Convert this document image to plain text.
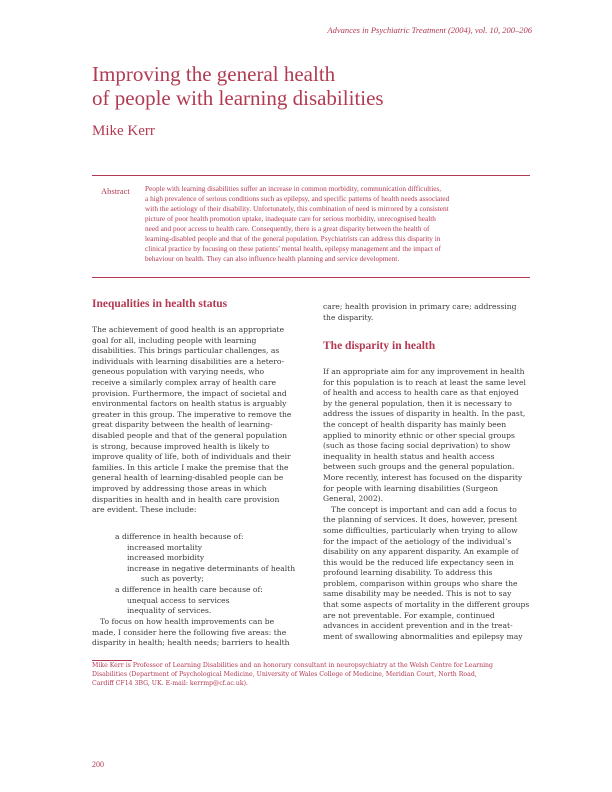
Advances in Psychiatric Treatment (2004), vol. 10, 200–206
Improving the general health
of people with learning disabilities
Mike Kerr
Abstract People with learning disabilities suffer an increase in common morbidity, communication difficulties,
a high prevalence of serious conditions such as epilepsy, and specific patterns of health needs associated
with the aetiology of their disability. Unfortunately, this combination of need is mirrored by a consistent
picture of poor health promotion uptake, inadequate care for serious morbidity, unrecognised health
need and poor access to health care. Consequently, there is a great disparity between the health of
learning-disabled people and that of the general population. Psychiatrists can address this disparity in
clinical practice by focusing on these patients’ mental health, epilepsy management and the impact of
behaviour on health. They can also influence health planning and service development.
Inequalities in health status
The achievement of good health is an appropriate
goal for all, including people with learning
disabilities. This brings particular challenges, as
individuals with learning disabilities are a hetero-
geneous population with varying needs, who
receive a similarly complex array of health care
provision. Furthermore, the impact of societal and
environmental factors on health status is arguably
greater in this group. The imperative to remove the
great disparity between the health of learning-
disabled people and that of the general population
is strong, because improved health is likely to
improve quality of life, both of individuals and their
families. In this article I make the premise that the
general health of learning-disabled people can be
improved by addressing those areas in which
disparities in health and in health care provision
are evident. These include:
a difference in health because of:
increased mortality
increased morbidity
increase in negative determinants of health
such as poverty;
a difference in health care because of:
unequal access to services
inequality of services.
To focus on how health improvements can be
made, I consider here the following five areas: the
disparity in health; health needs; barriers to health
care; health provision in primary care; addressing
the disparity.
The disparity in health
If an appropriate aim for any improvement in health
for this population is to reach at least the same level
of health and access to health care as that enjoyed
by the general population, then it is necessary to
address the issues of disparity in health. In the past,
the concept of health disparity has mainly been
applied to minority ethnic or other special groups
(such as those facing social deprivation) to show
inequality in health status and health access
between such groups and the general population.
More recently, interest has focused on the disparity
for people with learning disabilities (Surgeon
General, 2002).
The concept is important and can add a focus to
the planning of services. It does, however, present
some difficulties, particularly when trying to allow
for the impact of the aetiology of the individual’s
disability on any apparent disparity. An example of
this would be the reduced life expectancy seen in
profound learning disability. To address this
problem, comparison within groups who share the
same disability may be needed. This is not to say
that some aspects of mortality in the different groups
are not preventable. For example, continued
advances in accident prevention and in the treat-
ment of swallowing abnormalities and epilepsy may
Mike Kerr is Professor of Learning Disabilities and an honorary consultant in neuropsychiatry at the Welsh Centre for Learning
Disabilities (Department of Psychological Medicine, University of Wales College of Medicine, Meridian Court, North Road,
Cardiff CF14 3BG, UK. E-mail: kerrmp@cf.ac.uk).
200
